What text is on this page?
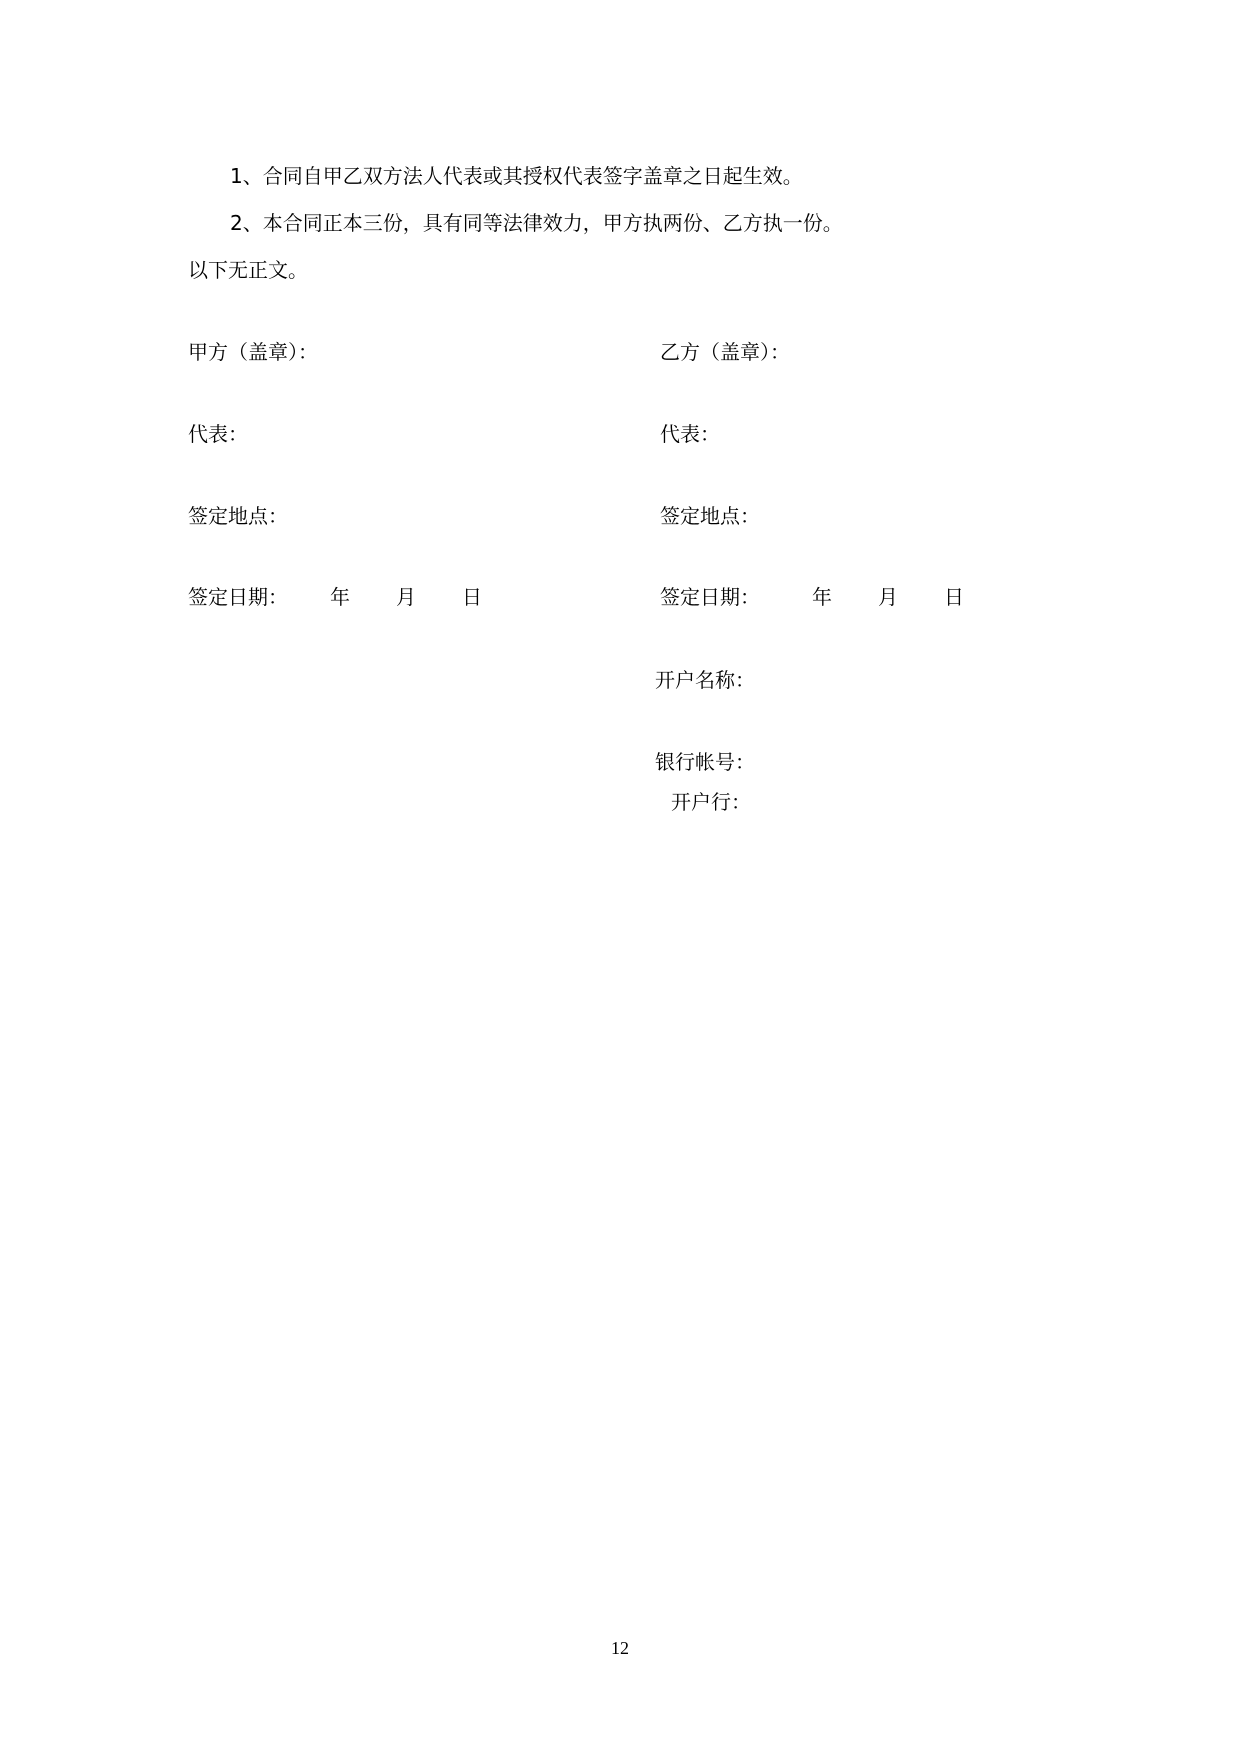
1、合同自甲乙双方法人代表或其授权代表签字盖章之日起生效。
2、本合同正本三份，具有同等法律效力，甲方执两份、乙方执一份。
以下无正文。
甲方（盖章）：
代表：
签定地点：
签定日期： 年 月 日
乙方（盖章）：
代表：
签定地点：
签定日期：	年 月 日
开户名称：
银行帐号：
开户行：
12
